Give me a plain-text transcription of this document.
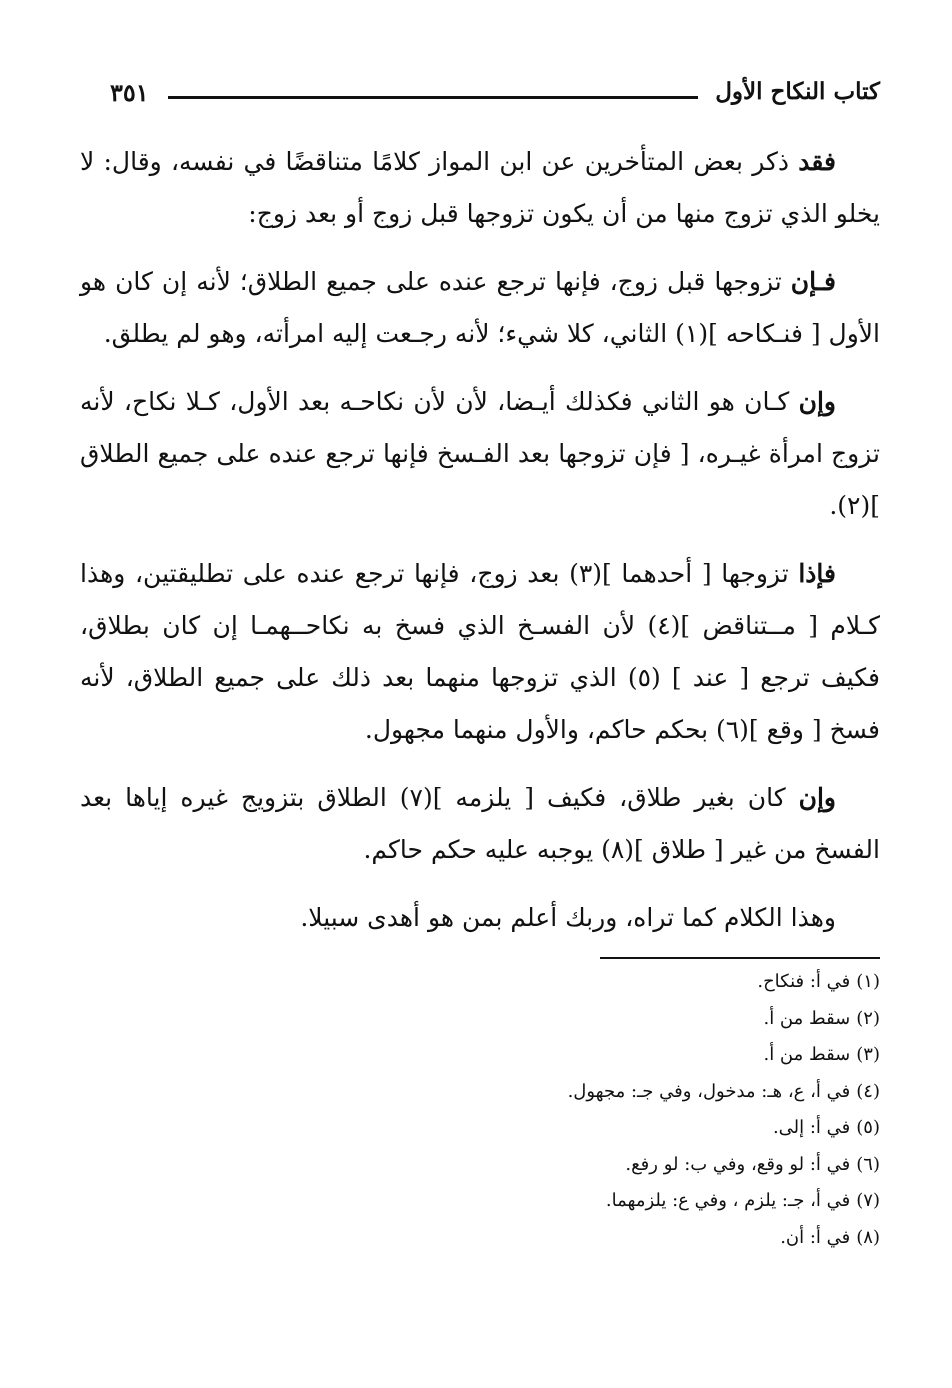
كتاب النكاح الأول
٣٥١

فقد ذكر بعض المتأخرين عن ابن المواز كلامًا متناقضًا في نفسه، وقال: لا يخلو الذي تزوج منها من أن يكون تزوجها قبل زوج أو بعد زوج:

فـإن تزوجها قبل زوج، فإنها ترجع عنده على جميع الطلاق؛ لأنه إن كان هو الأول [ فنـكاحه ](١) الثاني، كلا شيء؛ لأنه رجـعت إليه امرأته، وهو لم يطلق.

وإن كـان هو الثاني فكذلك أيـضا، لأن لأن نكاحـه بعد الأول، كـلا نكاح، لأنه تزوج امرأة غيـره، [ فإن تزوجها بعد الفـسخ فإنها ترجع عنده على جميع الطلاق ](٢).

فإذا تزوجها [ أحدهما ](٣) بعد زوج، فإنها ترجع عنده على تطليقتين، وهذا كـلام [ مــتناقض ](٤) لأن الفسـخ الذي فسخ به نكاحــهمـا إن كان بطلاق، فكيف ترجع [ عند ] (٥) الذي تزوجها منهما بعد ذلك على جميع الطلاق، لأنه فسخ [ وقع ](٦) بحكم حاكم، والأول منهما مجهول.

وإن كان بغير طلاق، فكيف [ يلزمه ](٧) الطلاق بتزويج غيره إياها بعد الفسخ من غير [ طلاق ](٨) يوجبه عليه حكم حاكم.

وهذا الكلام كما تراه، وربك أعلم بمن هو أهدى سبيلا.

(١)في أ: فنكاح.
(٢)سقط من أ.
(٣)سقط من أ.
(٤)في أ، ع، هـ: مدخول، وفي جـ: مجهول.
(٥)في أ: إلى.
(٦)في أ: لو وقع، وفي ب: لو رفع.
(٧)في أ، جـ: يلزم ، وفي ع: يلزمهما.
(٨)في أ: أن.
